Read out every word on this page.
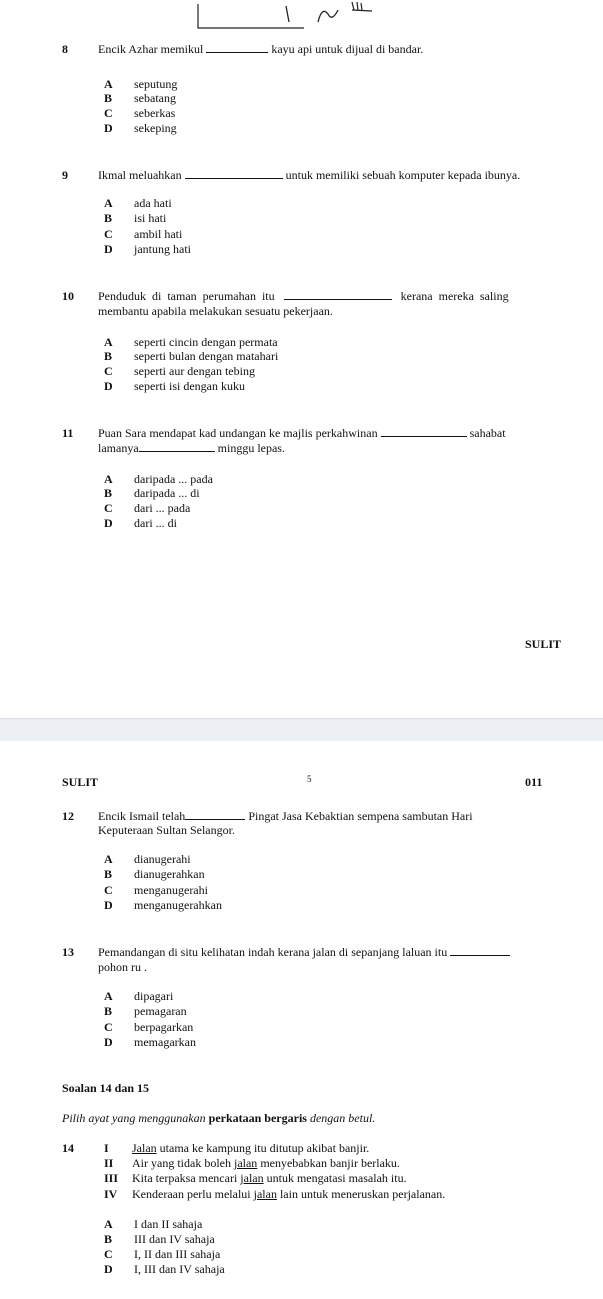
8	Encik Azhar memikul	kayu api untuk dijual di bandar.
A seputung
B sebatang
C seberkas
D sekeping
9	Ikmal meluahkan	untuk memiliki sebuah komputer kepada ibunya.
A ada hati
B isi hati
C ambil hati
D jantung hati
10 Penduduk di taman perumahan itu	kerana mereka saling
membantu apabila melakukan sesuatu pekerjaan.
A seperti cincin dengan permata
B seperti bulan dengan matahari
C seperti aur dengan tebing
D seperti isi dengan kuku
11 Puan Sara mendapat kad undangan ke majlis perkahwinan	sahabat
lamanya	minggu lepas.
A daripada ... pada
B daripada ... di
C dari ... pada
D dari ... di
SULIT
SULIT	5	011
12 Encik Ismail telah	Pingat Jasa Kebaktian sempena sambutan Hari
Keputeraan Sultan Selangor.
A dianugerahi
B dianugerahkan
C menganugerahi
D menganugerahkan
13 Pemandangan di situ kelihatan indah kerana jalan di sepanjang laluan itu
pohon ru .
A dipagari
B pemagaran
C berpagarkan
D memagarkan
Soalan 14 dan 15
Pilih ayat yang menggunakan perkataan bergaris dengan betul.
14	I Jalan utama ke kampung itu ditutup akibat banjir.
II Air yang tidak boleh jalan menyebabkan banjir berlaku.
III Kita terpaksa mencari jalan untuk mengatasi masalah itu.
IV Kenderaan perlu melalui jalan lain untuk meneruskan perjalanan.
A I dan II sahaja
B III dan IV sahaja
C I, II dan III sahaja
D I, III dan IV sahaja
